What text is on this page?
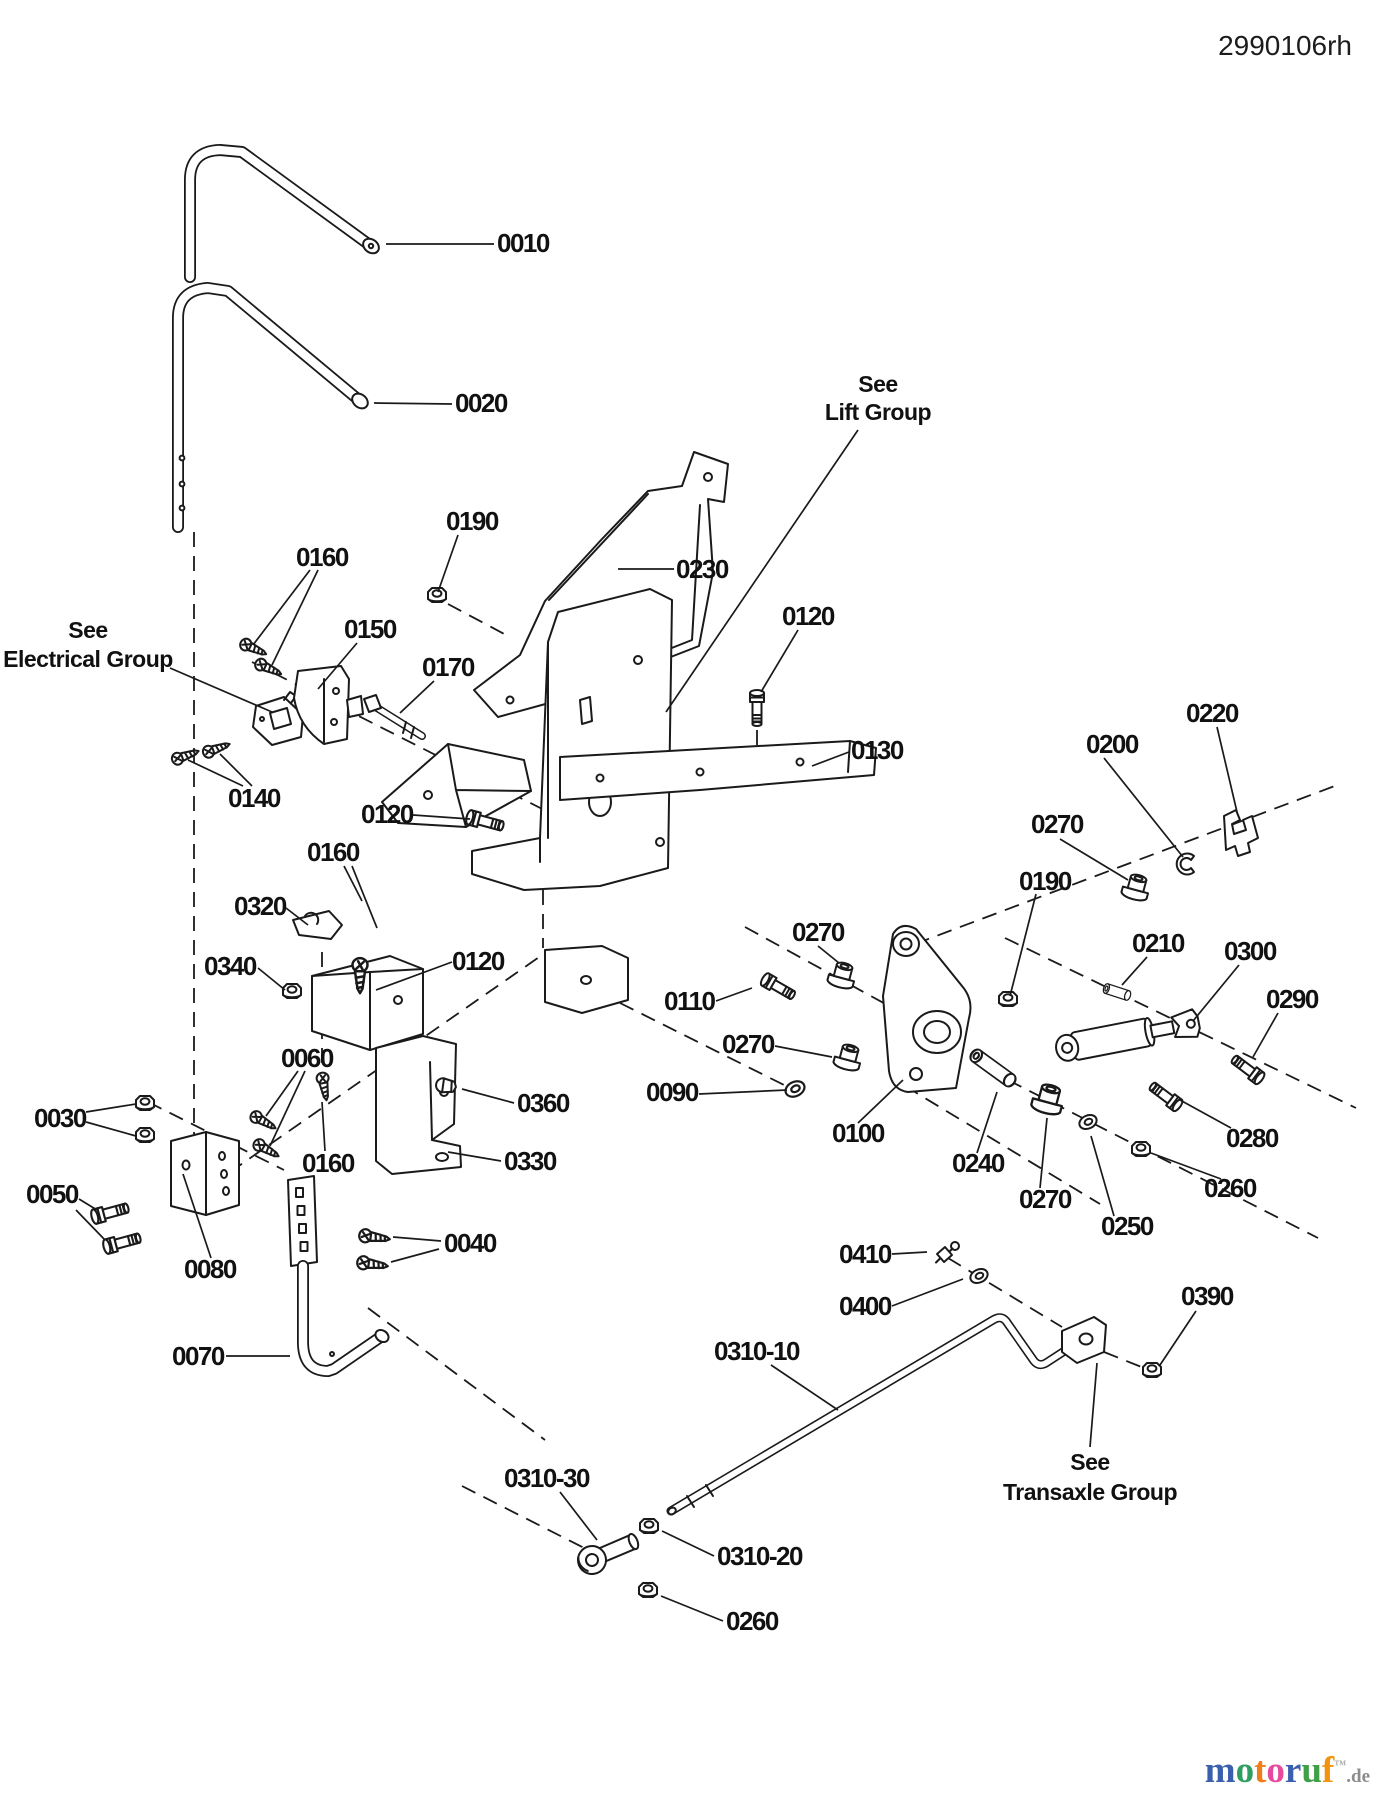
0010
0020
0190
0160
0150
0170
0140
0230
0120
0130
0120
0160
0320
0340	0120
0110
0270
0270
0090
0100
0240
0200
0220
0270
0190
0210 0300
0290
0280
0260
0270
0250
0030
0060
0160
0360
0330
0050
0080
0040
0070
0410
0400	0390
0310-10
0310-30
0310-20
0260
See
Electrical Group
See
Lift Group
See
Transaxle Group
2990106rh
motoruf™.de
